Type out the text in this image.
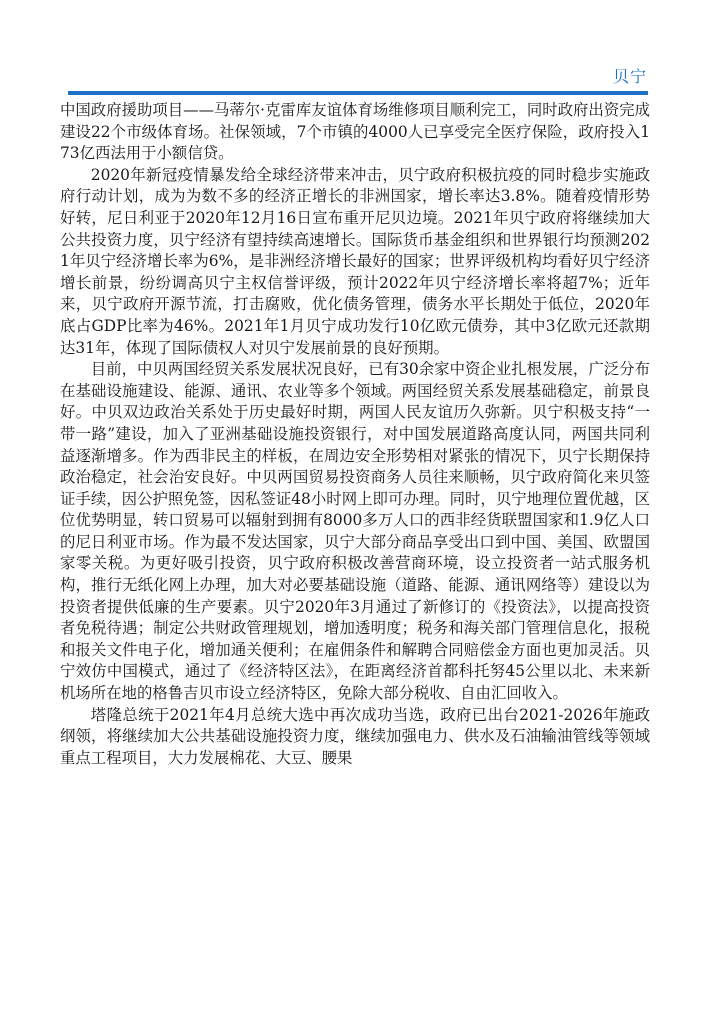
贝宁

中国政府援助项目——马蒂尔·克雷库友谊体育场维修项目顺利完工，同时政府出资完成建设22个市级体育场。社保领域，7个市镇的4000人已享受完全医疗保险，政府投入173亿西法用于小额信贷。

2020年新冠疫情暴发给全球经济带来冲击，贝宁政府积极抗疫的同时稳步实施政府行动计划，成为为数不多的经济正增长的非洲国家，增长率达3.8%。随着疫情形势好转，尼日利亚于2020年12月16日宣布重开尼贝边境。2021年贝宁政府将继续加大公共投资力度，贝宁经济有望持续高速增长。国际货币基金组织和世界银行均预测2021年贝宁经济增长率为6%，是非洲经济增长最好的国家；世界评级机构均看好贝宁经济增长前景，纷纷调高贝宁主权信誉评级，预计2022年贝宁经济增长率将超7%；近年来，贝宁政府开源节流，打击腐败，优化债务管理，债务水平长期处于低位，2020年底占GDP比率为46%。2021年1月贝宁成功发行10亿欧元债券，其中3亿欧元还款期达31年，体现了国际债权人对贝宁发展前景的良好预期。

目前，中贝两国经贸关系发展状况良好，已有30余家中资企业扎根发展，广泛分布在基础设施建设、能源、通讯、农业等多个领域。两国经贸关系发展基础稳定，前景良好。中贝双边政治关系处于历史最好时期，两国人民友谊历久弥新。贝宁积极支持“一带一路”建设，加入了亚洲基础设施投资银行，对中国发展道路高度认同，两国共同利益逐渐增多。作为西非民主的样板，在周边安全形势相对紧张的情况下，贝宁长期保持政治稳定，社会治安良好。中贝两国贸易投资商务人员往来顺畅，贝宁政府简化来贝签证手续，因公护照免签，因私签证48小时网上即可办理。同时，贝宁地理位置优越，区位优势明显，转口贸易可以辐射到拥有8000多万人口的西非经货联盟国家和1.9亿人口的尼日利亚市场。作为最不发达国家，贝宁大部分商品享受出口到中国、美国、欧盟国家零关税。为更好吸引投资，贝宁政府积极改善营商环境，设立投资者一站式服务机构，推行无纸化网上办理，加大对必要基础设施（道路、能源、通讯网络等）建设以为投资者提供低廉的生产要素。贝宁2020年3月通过了新修订的《投资法》，以提高投资者免税待遇；制定公共财政管理规划，增加透明度；税务和海关部门管理信息化，报税和报关文件电子化，增加通关便利；在雇佣条件和解聘合同赔偿金方面也更加灵活。贝宁效仿中国模式，通过了《经济特区法》，在距离经济首都科托努45公里以北、未来新机场所在地的格鲁吉贝市设立经济特区，免除大部分税收、自由汇回收入。

塔隆总统于2021年4月总统大选中再次成功当选，政府已出台2021-2026年施政纲领，将继续加大公共基础设施投资力度，继续加强电力、供水及石油输油管线等领域重点工程项目，大力发展棉花、大豆、腰果
